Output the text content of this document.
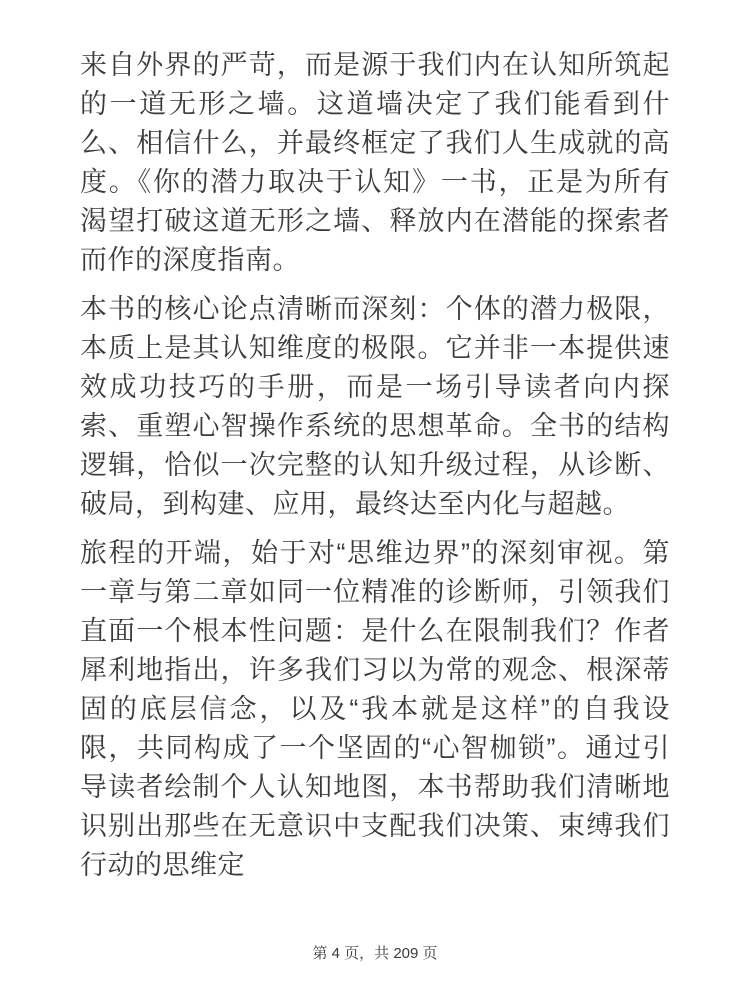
来自外界的严苛，而是源于我们内在认知所筑起的一道无形之墙。这道墙决定了我们能看到什么、相信什么，并最终框定了我们人生成就的高度。《你的潜力取决于认知》一书，正是为所有渴望打破这道无形之墙、释放内在潜能的探索者而作的深度指南。

本书的核心论点清晰而深刻：个体的潜力极限，本质上是其认知维度的极限。它并非一本提供速效成功技巧的手册，而是一场引导读者向内探索、重塑心智操作系统的思想革命。全书的结构逻辑，恰似一次完整的认知升级过程，从诊断、破局，到构建、应用，最终达至内化与超越。

旅程的开端，始于对“思维边界”的深刻审视。第一章与第二章如同一位精准的诊断师，引领我们直面一个根本性问题：是什么在限制我们？作者犀利地指出，许多我们习以为常的观念、根深蒂固的底层信念，以及“我本就是这样”的自我设限，共同构成了一个坚固的“心智枷锁”。通过引导读者绘制个人认知地图，本书帮助我们清晰地识别出那些在无意识中支配我们决策、束缚我们行动的思维定

第 4 页，共 209 页
